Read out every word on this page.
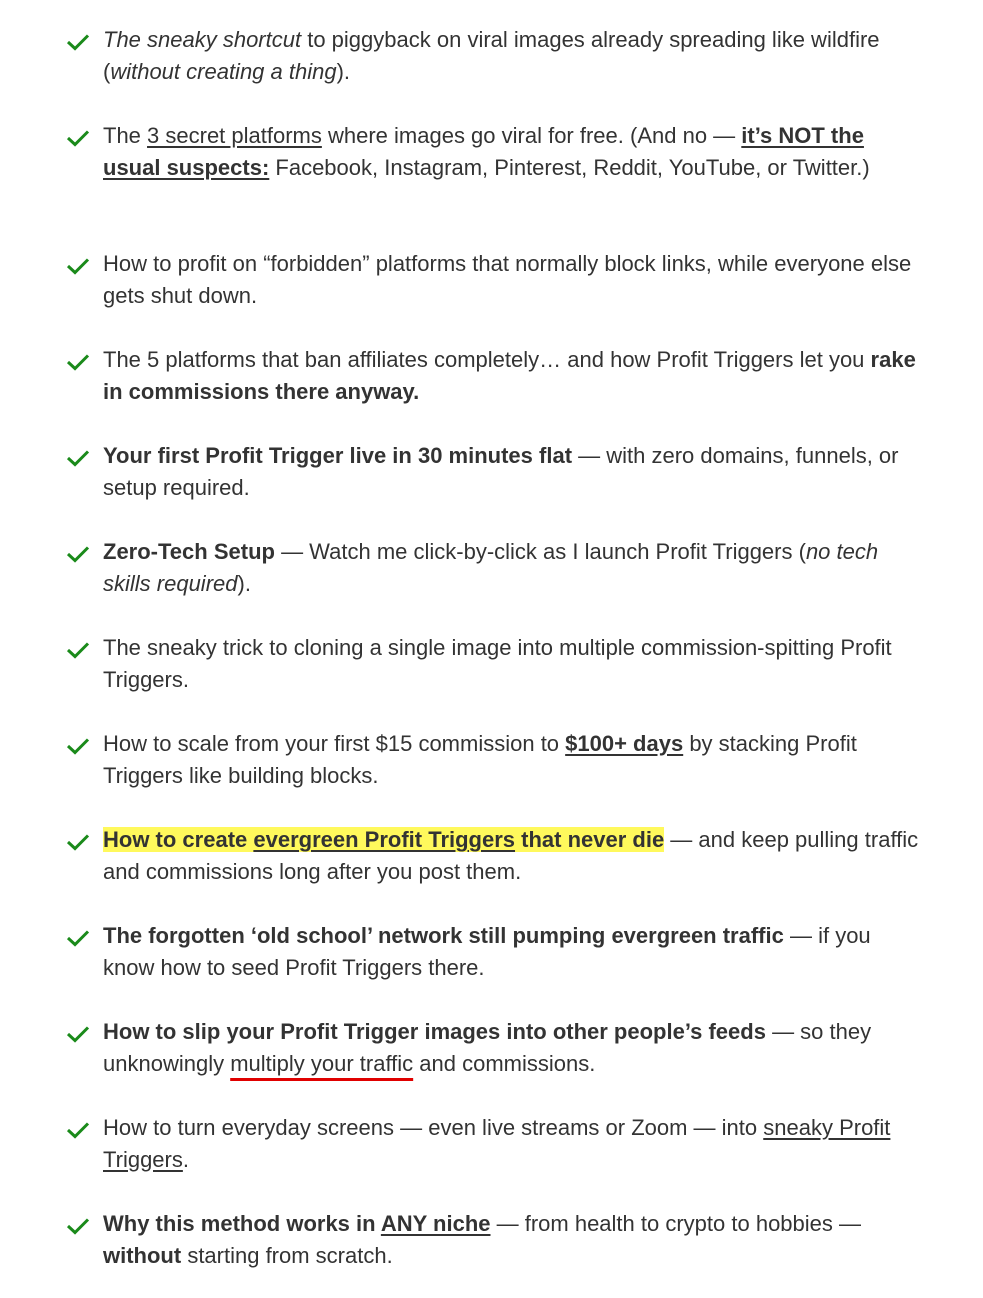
The sneaky shortcut to piggyback on viral images already spreading like wildfire (without creating a thing).
The 3 secret platforms where images go viral for free. (And no — it’s NOT the usual suspects: Facebook, Instagram, Pinterest, Reddit, YouTube, or Twitter.)
How to profit on “forbidden” platforms that normally block links, while everyone else gets shut down.
The 5 platforms that ban affiliates completely… and how Profit Triggers let you rake in commissions there anyway.
Your first Profit Trigger live in 30 minutes flat — with zero domains, funnels, or setup required.
Zero-Tech Setup — Watch me click-by-click as I launch Profit Triggers (no tech skills required).
The sneaky trick to cloning a single image into multiple commission-spitting Profit Triggers.
How to scale from your first $15 commission to $100+ days by stacking Profit Triggers like building blocks.
How to create evergreen Profit Triggers that never die — and keep pulling traffic and commissions long after you post them.
The forgotten ‘old school’ network still pumping evergreen traffic — if you know how to seed Profit Triggers there.
How to slip your Profit Trigger images into other people’s feeds — so they unknowingly multiply your traffic and commissions.
How to turn everyday screens — even live streams or Zoom — into sneaky Profit Triggers.
Why this method works in ANY niche — from health to crypto to hobbies — without starting from scratch.
